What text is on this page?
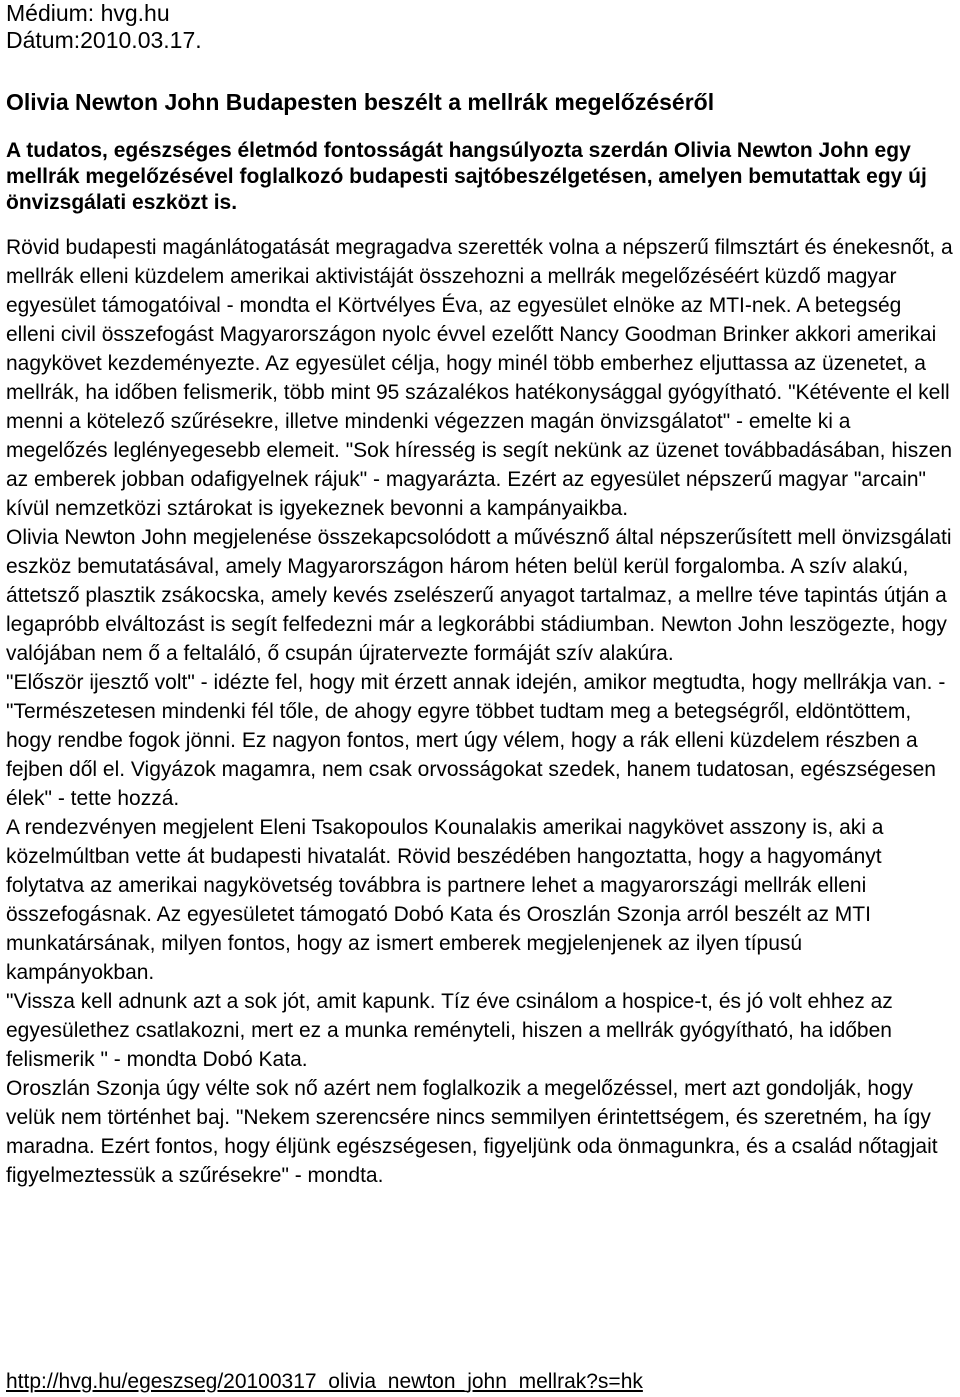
Médium: hvg.hu

Dátum:2010.03.17.

Olivia Newton John Budapesten beszélt a mellrák megelőzéséről

A tudatos, egészséges életmód fontosságát hangsúlyozta szerdán Olivia Newton John egy mellrák megelőzésével foglalkozó budapesti sajtóbeszélgetésen, amelyen bemutattak egy új önvizsgálati eszközt is.

Rövid budapesti magánlátogatását megragadva szerették volna a népszerű filmsztárt és énekesnőt, a mellrák elleni küzdelem amerikai aktivistáját összehozni a mellrák megelőzéséért küzdő magyar egyesület támogatóival - mondta el Körtvélyes Éva, az egyesület elnöke az MTI-nek. A betegség elleni civil összefogást Magyarországon nyolc évvel ezelőtt Nancy Goodman Brinker akkori amerikai nagykövet kezdeményezte. Az egyesület célja, hogy minél több emberhez eljuttassa az üzenetet, a mellrák, ha időben felismerik, több mint 95 százalékos hatékonysággal gyógyítható. "Kétévente el kell menni a kötelező szűrésekre, illetve mindenki végezzen magán önvizsgálatot" - emelte ki a megelőzés leglényegesebb elemeit. "Sok híresség is segít nekünk az üzenet továbbadásában, hiszen az emberek jobban odafigyelnek rájuk" - magyarázta. Ezért az egyesület népszerű magyar "arcain" kívül nemzetközi sztárokat is igyekeznek bevonni a kampányaikba.

Olivia Newton John megjelenése összekapcsolódott a művésznő által népszerűsített mell önvizsgálati eszköz bemutatásával, amely Magyarországon három héten belül kerül forgalomba. A szív alakú, áttetsző plasztik zsákocska, amely kevés zselészerű anyagot tartalmaz, a mellre téve tapintás útján a legapróbb elváltozást is segít felfedezni már a legkorábbi stádiumban. Newton John leszögezte, hogy valójában nem ő a feltaláló, ő csupán újratervezte formáját szív alakúra.

"Először ijesztő volt" - idézte fel, hogy mit érzett annak idején, amikor megtudta, hogy mellrákja van. - "Természetesen mindenki fél tőle, de ahogy egyre többet tudtam meg a betegségről, eldöntöttem, hogy rendbe fogok jönni. Ez nagyon fontos, mert úgy vélem, hogy a rák elleni küzdelem részben a fejben dől el. Vigyázok magamra, nem csak orvosságokat szedek, hanem tudatosan, egészségesen élek" - tette hozzá.

A rendezvényen megjelent Eleni Tsakopoulos Kounalakis amerikai nagykövet asszony is, aki a közelmúltban vette át budapesti hivatalát. Rövid beszédében hangoztatta, hogy a hagyományt folytatva az amerikai nagykövetség továbbra is partnere lehet a magyarországi mellrák elleni összefogásnak. Az egyesületet támogató Dobó Kata és Oroszlán Szonja arról beszélt az MTI munkatársának, milyen fontos, hogy az ismert emberek megjelenjenek az ilyen típusú kampányokban.

"Vissza kell adnunk azt a sok jót, amit kapunk. Tíz éve csinálom a hospice-t, és jó volt ehhez az egyesülethez csatlakozni, mert ez a munka reményteli, hiszen a mellrák gyógyítható, ha időben felismerik " - mondta Dobó Kata.

Oroszlán Szonja úgy vélte sok nő azért nem foglalkozik a megelőzéssel, mert azt gondolják, hogy velük nem történhet baj. "Nekem szerencsére nincs semmilyen érintettségem, és szeretném, ha így maradna. Ezért fontos, hogy éljünk egészségesen, figyeljünk oda önmagunkra, és a család nőtagjait figyelmeztessük a szűrésekre" - mondta.

http://hvg.hu/egeszseg/20100317_olivia_newton_john_mellrak?s=hk
